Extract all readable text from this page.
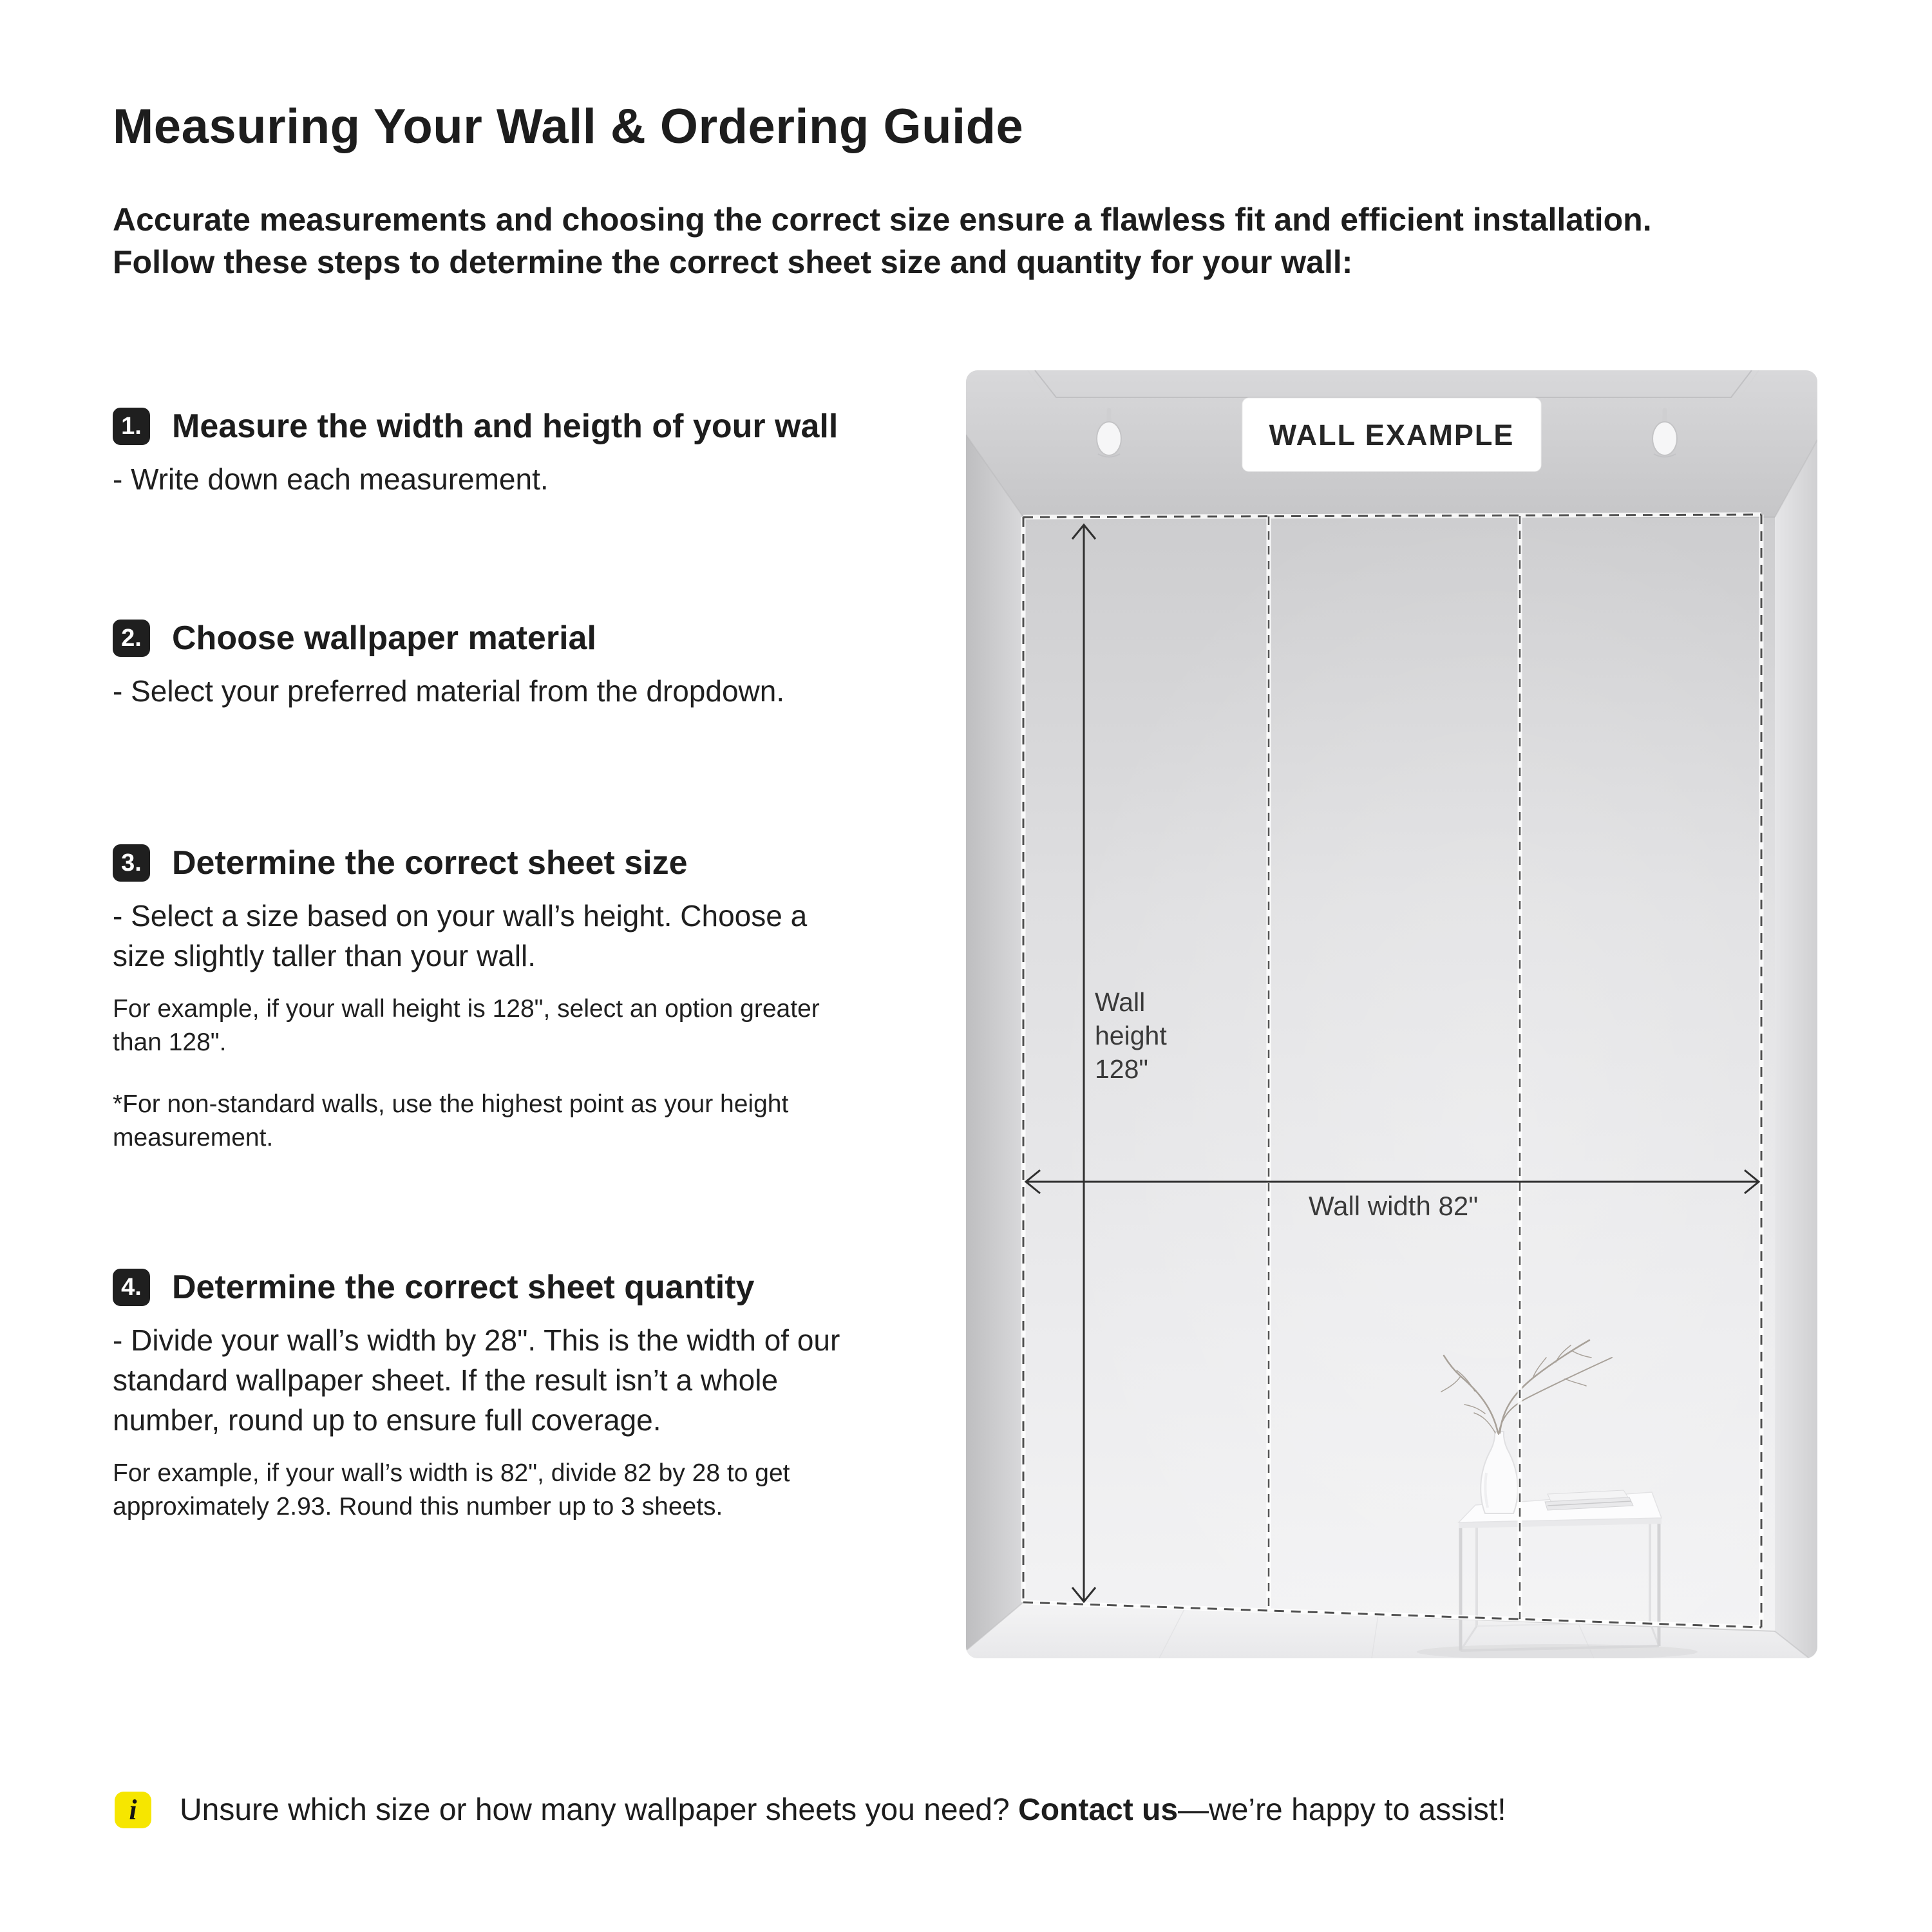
Measuring Your Wall & Ordering Guide
Accurate measurements and choosing the correct size ensure a flawless fit and efficient installation.
Follow these steps to determine the correct sheet size and quantity for your wall:
1. Measure the width and heigth of your wall
- Write down each measurement.
2. Choose wallpaper material
- Select your preferred material from the dropdown.
3. Determine the correct sheet size
- Select a size based on your wall’s height. Choose a
size slightly taller than your wall.
For example, if your wall height is 128", select an option greater
than 128".
*For non-standard walls, use the highest point as your height
measurement.
4. Determine the correct sheet quantity
- Divide your wall’s width by 28". This is the width of our
standard wallpaper sheet. If the result isn’t a whole
number, round up to ensure full coverage.
For example, if your wall’s width is 82", divide 82 by 28 to get
approximately 2.93. Round this number up to 3 sheets.
Wall
height
128"
Wall width 82"
WALL EXAMPLE
i	Unsure which size or how many wallpaper sheets you need? Contact us—we’re happy to assist!
